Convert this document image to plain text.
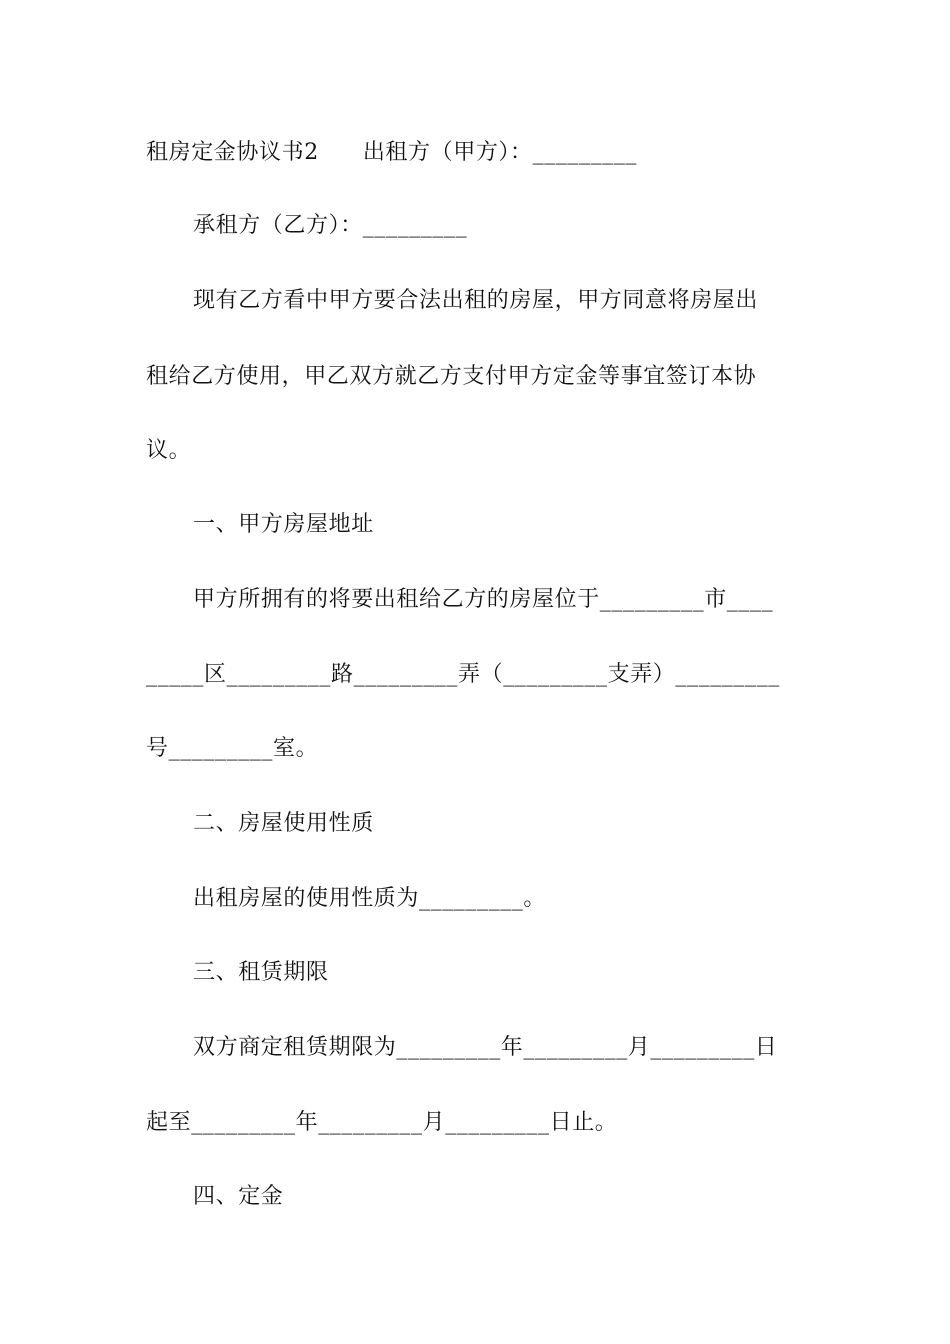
租房定金协议书2 出租方（甲方）：_________
承租方（乙方）：_________
现有乙方看中甲方要合法出租的房屋，甲方同意将房屋出
租给乙方使用，甲乙双方就乙方支付甲方定金等事宜签订本协
议。
一、甲方房屋地址
甲方所拥有的将要出租给乙方的房屋位于_________市____
_____区_________路_________弄（_________支弄）_________
号_________室。
二、房屋使用性质
出租房屋的使用性质为_________。
三、租赁期限
双方商定租赁期限为_________年_________月_________日
起至_________年_________月_________日止。
四、定金
